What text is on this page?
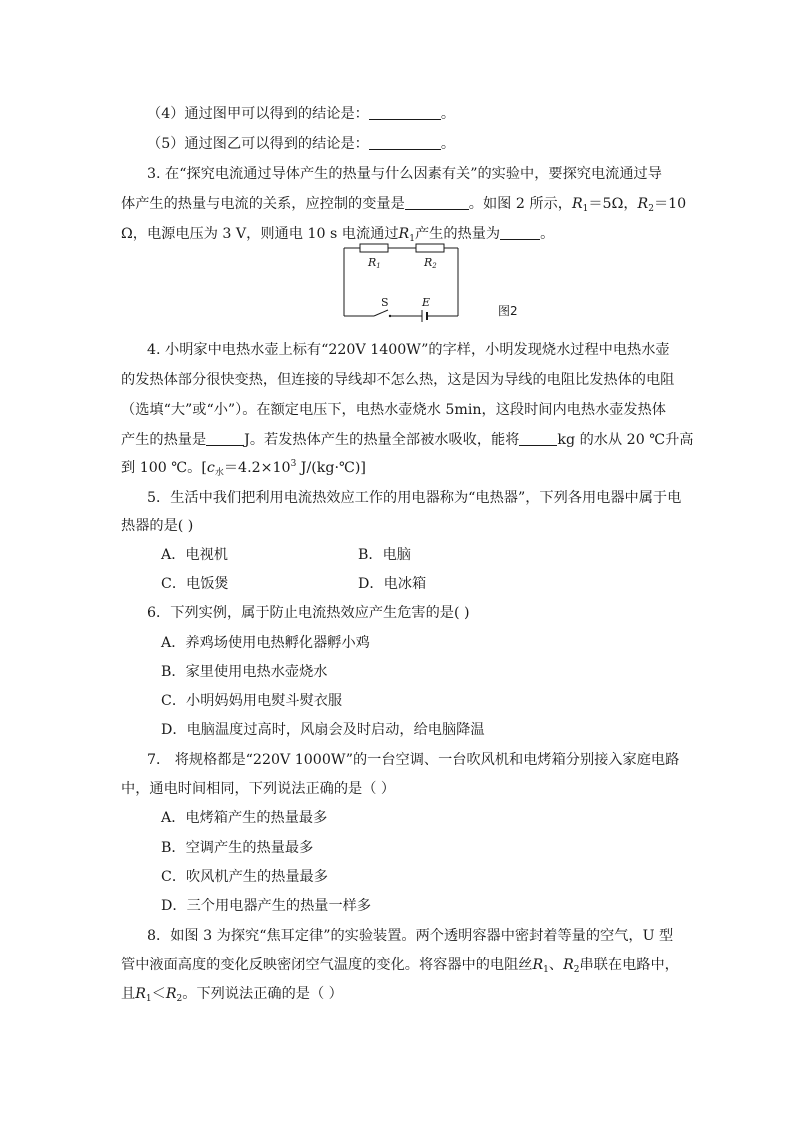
（4）通过图甲可以得到的结论是：	。
（5）通过图乙可以得到的结论是：	。
3. 在“探究电流通过导体产生的热量与什么因素有关”的实验中，要探究电流通过导
体产生的热量与电流的关系，应控制的变量是	。如图 2 所示，$R_1=5\Omega$，$R_2=10$
Ω，电源电压为 3 V，则通电 10 s 电流通过$R_1$产生的热量为	。
R1	R2
S	E
图2
4. 小明家中电热水壶上标有“220V 1400W”的字样，小明发现烧水过程中电热水壶
的发热体部分很快变热，但连接的导线却不怎么热，这是因为导线的电阻比发热体的电阻
（选填“大”或“小”）。在额定电压下，电热水壶烧水 5min，这段时间内电热水壶发热体
产生的热量是	J。若发热体产生的热量全部被水吸收，能将	kg 的水从 20 ℃升高
到 100 ℃。[$c_水=4.2\times 10^3$ J/(kg·℃)]
5．生活中我们把利用电流热效应工作的用电器称为“电热器”，下列各用电器中属于电
热器的是( )
A．电视机	B．电脑
C．电饭煲	D．电冰箱
6．下列实例，属于防止电流热效应产生危害的是( )
A．养鸡场使用电热孵化器孵小鸡
B．家里使用电热水壶烧水
C．小明妈妈用电熨斗熨衣服
D．电脑温度过高时，风扇会及时启动，给电脑降温
7． 将规格都是“220V 1000W”的一台空调、一台吹风机和电烤箱分别接入家庭电路
中，通电时间相同，下列说法正确的是（ ）
A．电烤箱产生的热量最多
B．空调产生的热量最多
C．吹风机产生的热量最多
D．三个用电器产生的热量一样多
8．如图 3 为探究“焦耳定律”的实验装置。两个透明容器中密封着等量的空气，U 型
管中液面高度的变化反映密闭空气温度的变化。将容器中的电阻丝$R_1$、$R_2$串联在电路中，
且$R_1<R_2$。下列说法正确的是（ ）
